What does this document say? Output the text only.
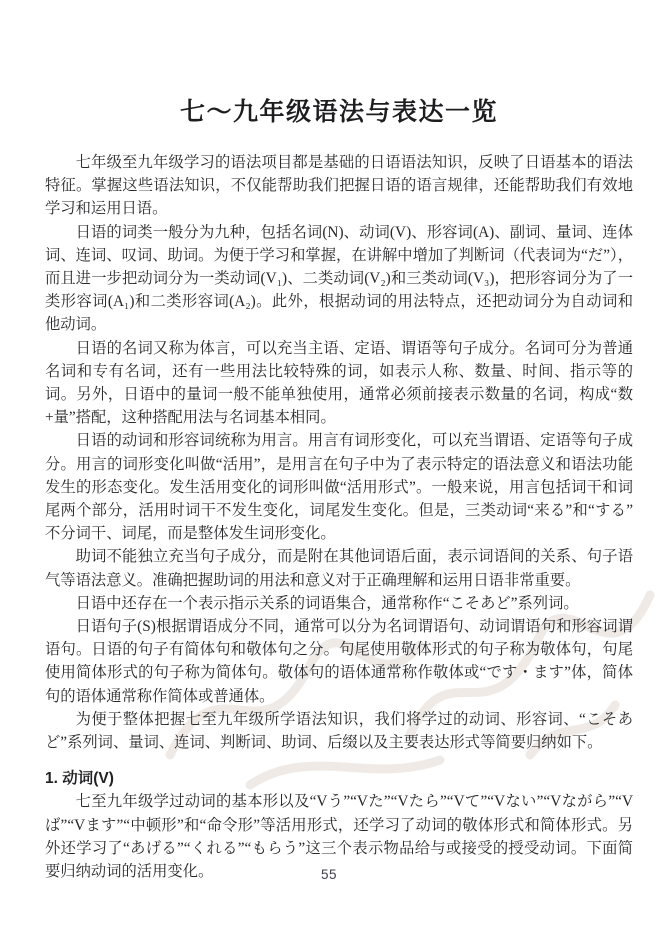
七～九年级语法与表达一览

七年级至九年级学习的语法项目都是基础的日语语法知识，反映了日语基本的语法特征。掌握这些语法知识，不仅能帮助我们把握日语的语言规律，还能帮助我们有效地学习和运用日语。

日语的词类一般分为九种，包括名词(N)、动词(V)、形容词(A)、副词、量词、连体词、连词、叹词、助词。为便于学习和掌握，在讲解中增加了判断词（代表词为“だ”），而且进一步把动词分为一类动词(V₁)、二类动词(V₂)和三类动词(V₃)，把形容词分为了一类形容词(A₁)和二类形容词(A₂)。此外，根据动词的用法特点，还把动词分为自动词和他动词。

日语的名词又称为体言，可以充当主语、定语、谓语等句子成分。名词可分为普通名词和专有名词，还有一些用法比较特殊的词，如表示人称、数量、时间、指示等的词。另外，日语中的量词一般不能单独使用，通常必须前接表示数量的名词，构成“数+量”搭配，这种搭配用法与名词基本相同。

日语的动词和形容词统称为用言。用言有词形变化，可以充当谓语、定语等句子成分。用言的词形变化叫做“活用”，是用言在句子中为了表示特定的语法意义和语法功能发生的形态变化。发生活用变化的词形叫做“活用形式”。一般来说，用言包括词干和词尾两个部分，活用时词干不发生变化，词尾发生变化。但是，三类动词“来る”和“する”不分词干、词尾，而是整体发生词形变化。

助词不能独立充当句子成分，而是附在其他词语后面，表示词语间的关系、句子语气等语法意义。准确把握助词的用法和意义对于正确理解和运用日语非常重要。

日语中还存在一个表示指示关系的词语集合，通常称作“こそあど”系列词。

日语句子(S)根据谓语成分不同，通常可以分为名词谓语句、动词谓语句和形容词谓语句。日语的句子有简体句和敬体句之分。句尾使用敬体形式的句子称为敬体句，句尾使用简体形式的句子称为简体句。敬体句的语体通常称作敬体或“です・ます”体，简体句的语体通常称作简体或普通体。

为便于整体把握七至九年级所学语法知识，我们将学过的动词、形容词、“こそあど”系列词、量词、连词、判断词、助词、后缀以及主要表达形式等简要归纳如下。

1. 动词(V)

七至九年级学过动词的基本形以及“Vう”“Vた”“Vたら”“Vて”“Vない”“Vながら”“Vば”“Vます”“中顿形”和“命令形”等活用形式，还学习了动词的敬体形式和简体形式。另外还学习了“あげる”“くれる”“もらう”这三个表示物品给与或接受的授受动词。下面简要归纳动词的活用变化。	55
